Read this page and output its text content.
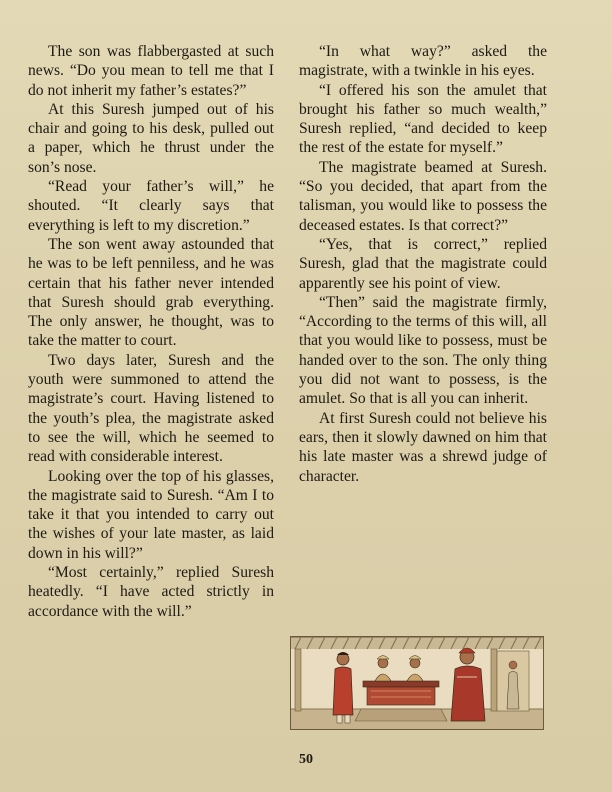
The son was flabbergasted at such news. “Do you mean to tell me that I do not inherit my father’s estates?”

At this Suresh jumped out of his chair and going to his desk, pulled out a paper, which he thrust under the son’s nose.

“Read your father’s will,” he shouted. “It clearly says that everything is left to my discretion.”

The son went away astounded that he was to be left penniless, and he was certain that his father never intended that Suresh should grab everything. The only answer, he thought, was to take the matter to court.

Two days later, Suresh and the youth were summoned to attend the magistrate’s court. Having listened to the youth’s plea, the magistrate asked to see the will, which he seemed to read with considerable interest.

Looking over the top of his glasses, the magistrate said to Suresh. “Am I to take it that you intended to carry out the wishes of your late master, as laid down in his will?”

“Most certainly,” replied Suresh heatedly. “I have acted strictly in accordance with the will.”

“In what way?” asked the magistrate, with a twinkle in his eyes.

“I offered his son the amulet that brought his father so much wealth,” Suresh replied, “and decided to keep the rest of the estate for myself.”

The magistrate beamed at Suresh. “So you decided, that apart from the talisman, you would like to possess the deceased estates. Is that correct?”

“Yes, that is correct,” replied Suresh, glad that the magistrate could apparently see his point of view.

“Then” said the magistrate firmly, “According to the terms of this will, all that you would like to possess, must be handed over to the son. The only thing you did not want to possess, is the amulet. So that is all you can inherit.

At first Suresh could not believe his ears, then it slowly dawned on him that his late master was a shrewd judge of character.

50
